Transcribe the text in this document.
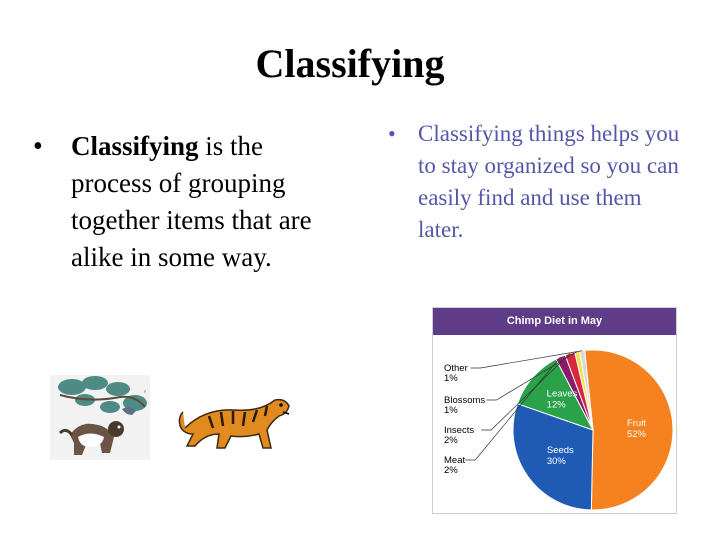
Classifying
•	Classifying is the process of grouping together items that are alike in some way.
• Classifying things helps you to stay organized so you can easily find and use them later.
‘
Chimp Diet in May
Fruit
52%
Seeds
30%
Leaves
12%
Other
1%
Blossoms
1%
Insects
2%
Meat
2%
